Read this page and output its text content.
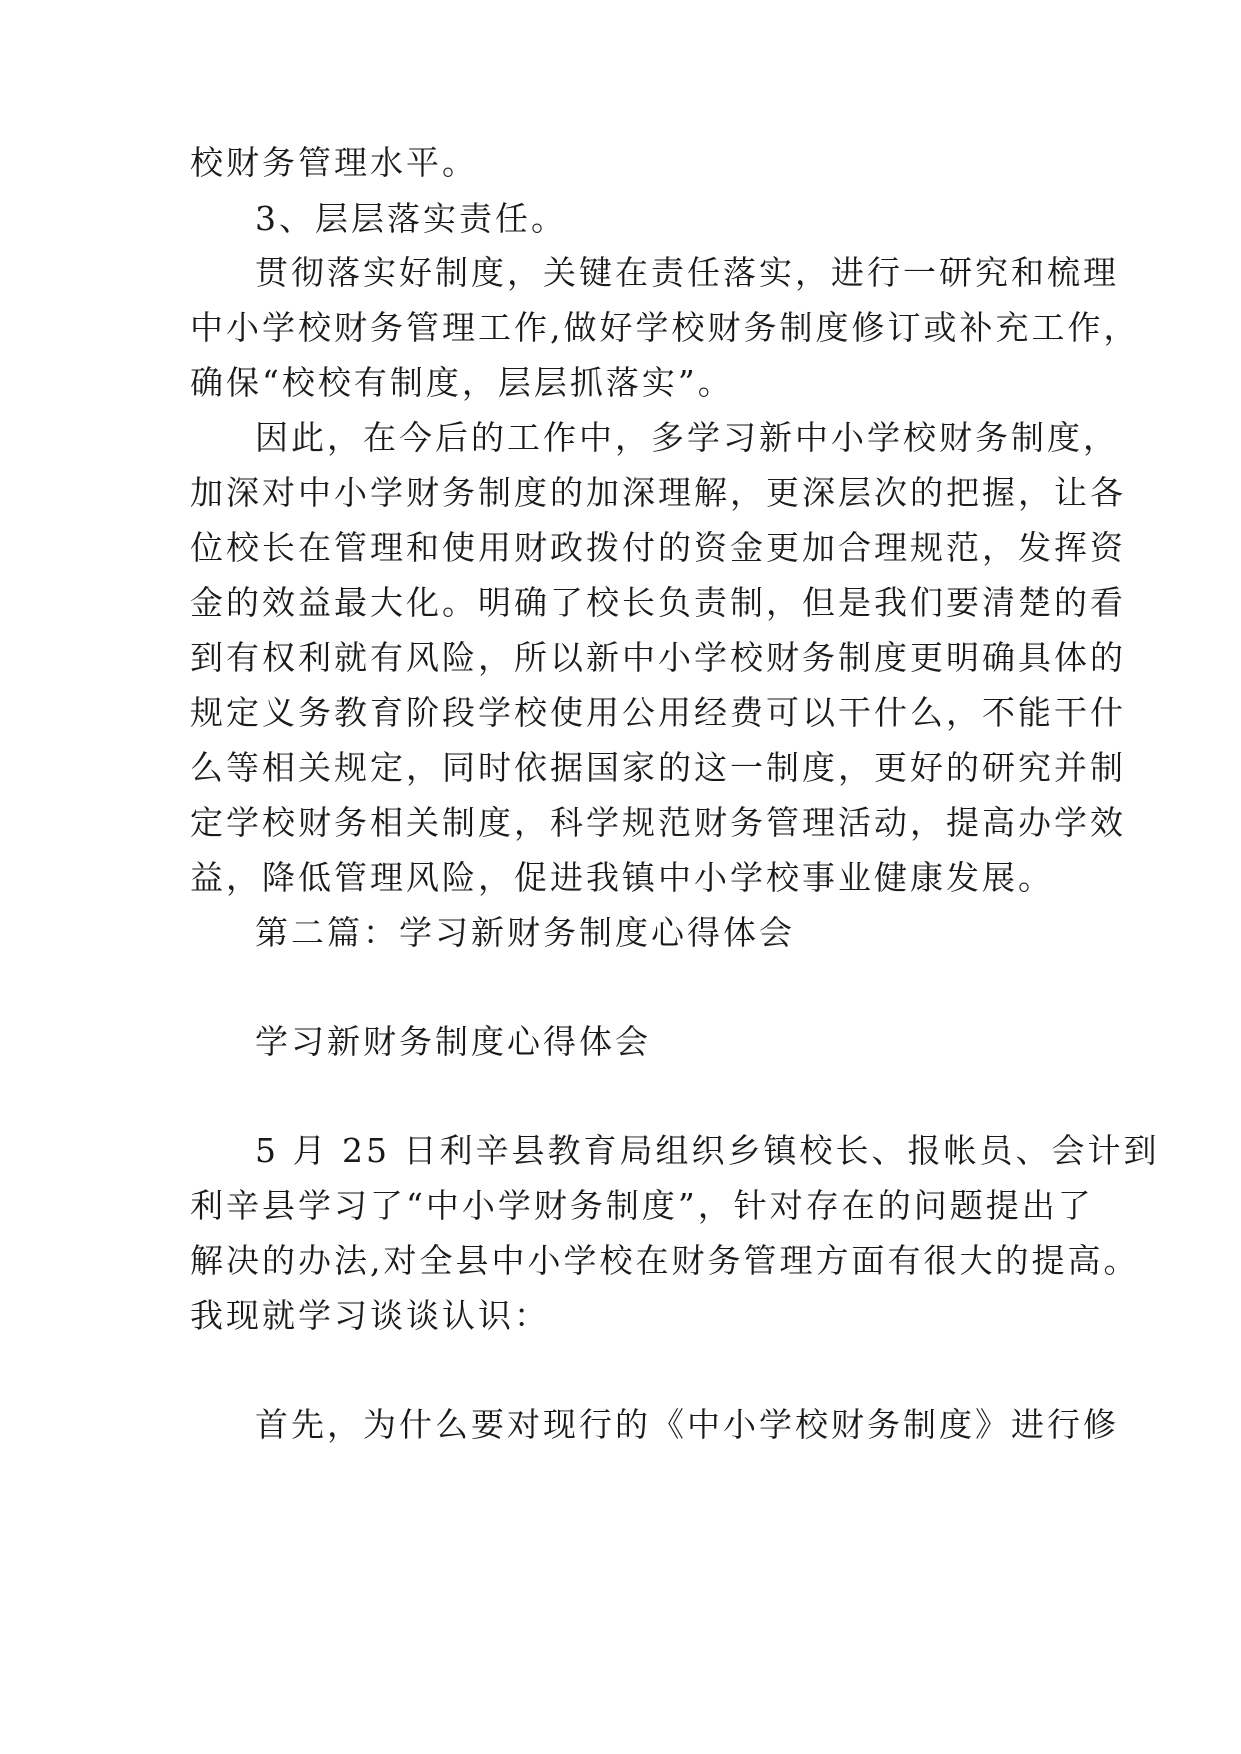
校财务管理水平。
3、层层落实责任。
贯彻落实好制度，关键在责任落实，进行一研究和梳理
中小学校财务管理工作,做好学校财务制度修订或补充工作，
确保“校校有制度，层层抓落实”。
因此，在今后的工作中，多学习新中小学校财务制度，
加深对中小学财务制度的加深理解，更深层次的把握，让各
位校长在管理和使用财政拨付的资金更加合理规范，发挥资
金的效益最大化。明确了校长负责制，但是我们要清楚的看
到有权利就有风险，所以新中小学校财务制度更明确具体的
规定义务教育阶段学校使用公用经费可以干什么，不能干什
么等相关规定，同时依据国家的这一制度，更好的研究并制
定学校财务相关制度，科学规范财务管理活动，提高办学效
益，降低管理风险，促进我镇中小学校事业健康发展。
第二篇：学习新财务制度心得体会
学习新财务制度心得体会
5 月 25 日利辛县教育局组织乡镇校长、报帐员、会计到
利辛县学习了“中小学财务制度”，针对存在的问题提出了
解决的办法,对全县中小学校在财务管理方面有很大的提高。
我现就学习谈谈认识：
首先，为什么要对现行的《中小学校财务制度》进行修
